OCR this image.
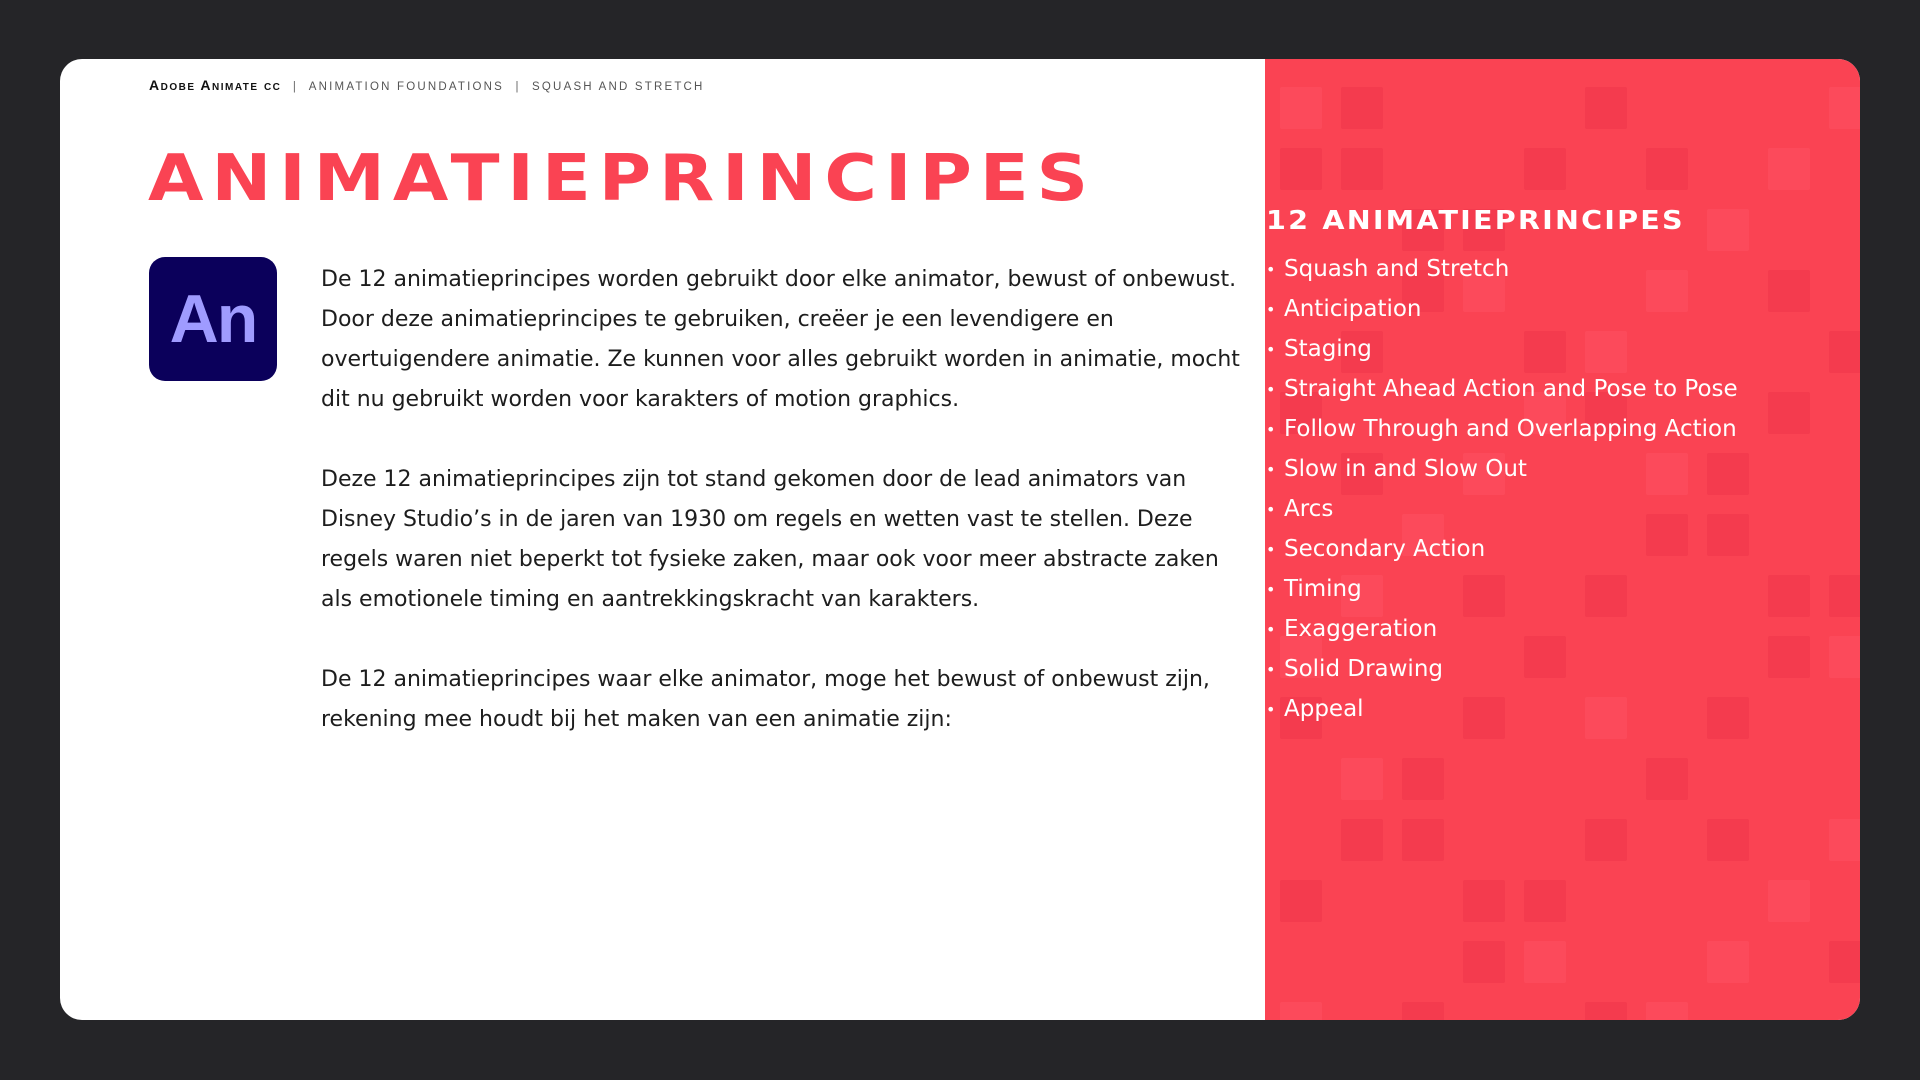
Adobe Animate cc | ANIMATION FOUNDATIONS | SQUASH AND STRETCH
ANIMATIEPRINCIPES
An

De 12 animatieprincipes worden gebruikt door elke animator, bewust of onbewust. Door deze animatieprincipes te gebruiken, creëer je een levendigere en overtuigendere animatie. Ze kunnen voor alles gebruikt worden in animatie, mocht dit nu gebruikt worden voor karakters of motion graphics.

Deze 12 animatieprincipes zijn tot stand gekomen door de lead animators van Disney Studio’s in de jaren van 1930 om regels en wetten vast te stellen. Deze regels waren niet beperkt tot fysieke zaken, maar ook voor meer abstracte zaken als emotionele timing en aantrekkingskracht van karakters.

De 12 animatieprincipes waar elke animator, moge het bewust of onbewust zijn, rekening mee houdt bij het maken van een animatie zijn:

12 ANIMATIEPRINCIPES
• Squash and Stretch
• Anticipation
• Staging
• Straight Ahead Action and Pose to Pose
• Follow Through and Overlapping Action
• Slow in and Slow Out
• Arcs
• Secondary Action
• Timing
• Exaggeration
• Solid Drawing
• Appeal
